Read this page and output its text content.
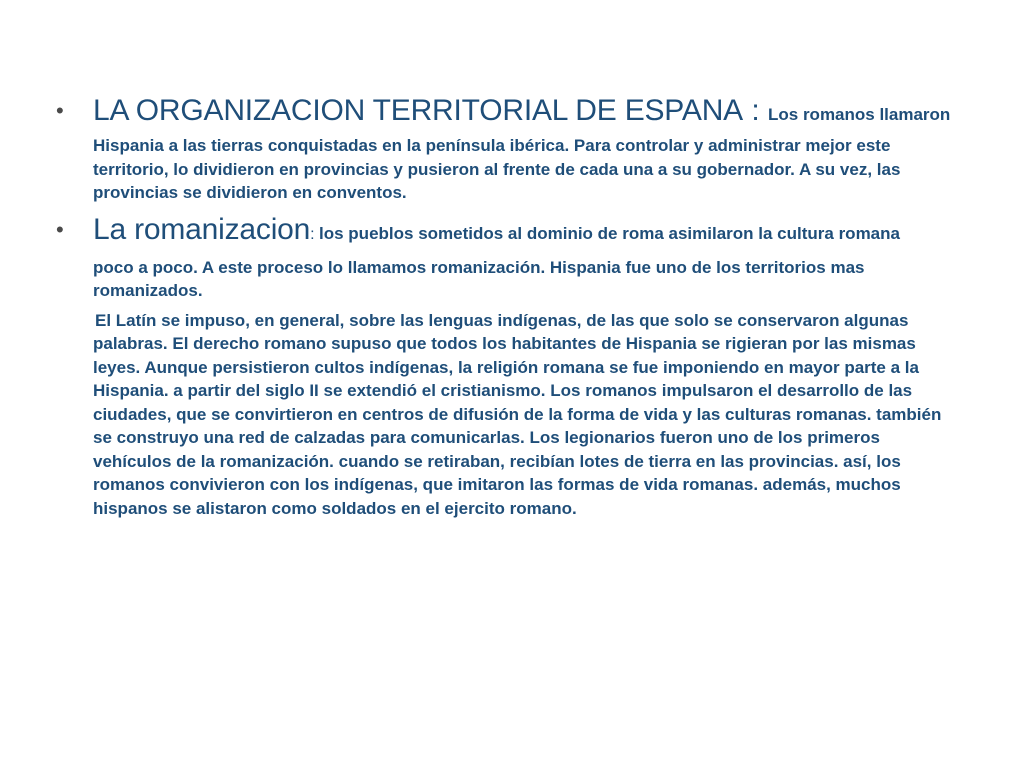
• LA ORGANIZACION TERRITORIAL DE ESPANA : Los romanos llamaron Hispania a las tierras conquistadas en la península ibérica. Para controlar y administrar mejor este territorio, lo dividieron en provincias y pusieron al frente de cada una a su gobernador. A su vez, las provincias se dividieron en conventos.
• La romanizacion: los pueblos sometidos al dominio de roma asimilaron la cultura romana
poco a poco. A este proceso lo llamamos romanización. Hispania fue uno de los territorios mas romanizados.
El Latín se impuso, en general, sobre las lenguas indígenas, de las que solo se conservaron algunas palabras. El derecho romano supuso que todos los habitantes de Hispania se rigieran por las mismas leyes. Aunque persistieron cultos indígenas, la religión romana se fue imponiendo en mayor parte a la Hispania. a partir del siglo II se extendió el cristianismo. Los romanos impulsaron el desarrollo de las ciudades, que se convirtieron en centros de difusión de la forma de vida y las culturas romanas. también se construyo una red de calzadas para comunicarlas. Los legionarios fueron uno de los primeros vehículos de la romanización. cuando se retiraban, recibían lotes de tierra en las provincias. así, los romanos convivieron con los indígenas, que imitaron las formas de vida romanas. además, muchos hispanos se alistaron como soldados en el ejercito romano.
